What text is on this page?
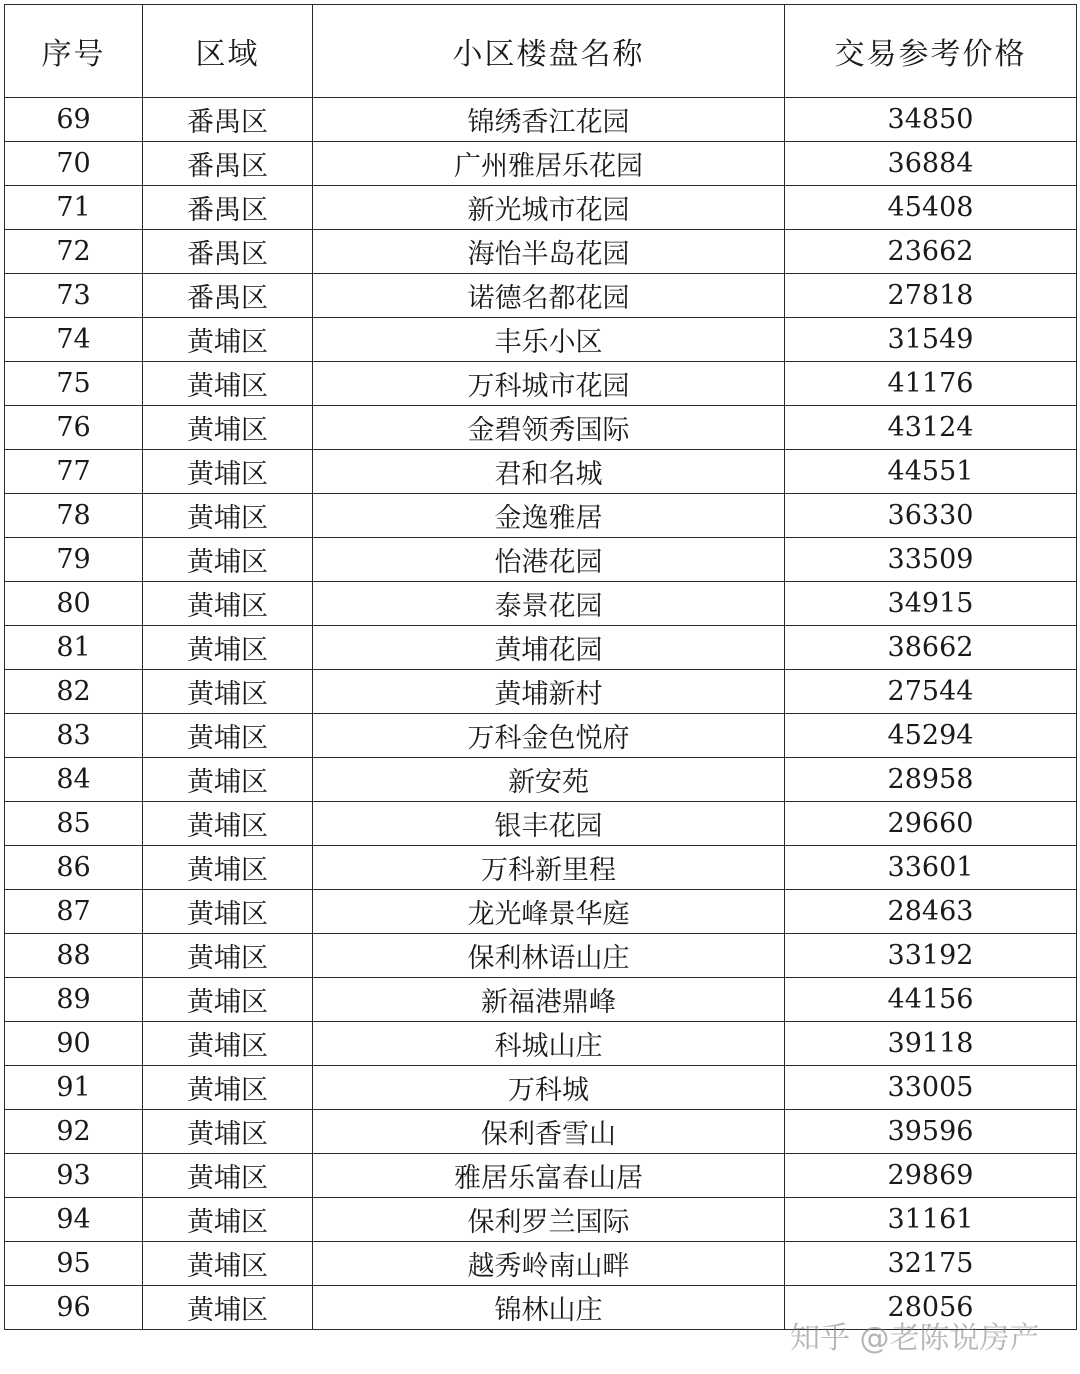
序号	区域	小区楼盘名称	交易参考价格
69	番禺区	锦绣香江花园	34850
70	番禺区	广州雅居乐花园	36884
71	番禺区	新光城市花园	45408
72	番禺区	海怡半岛花园	23662
73	番禺区	诺德名都花园	27818
74	黄埔区	丰乐小区	31549
75	黄埔区	万科城市花园	41176
76	黄埔区	金碧领秀国际	43124
77	黄埔区	君和名城	44551
78	黄埔区	金逸雅居	36330
79	黄埔区	怡港花园	33509
80	黄埔区	泰景花园	34915
81	黄埔区	黄埔花园	38662
82	黄埔区	黄埔新村	27544
83	黄埔区	万科金色悦府	45294
84	黄埔区	新安苑	28958
85	黄埔区	银丰花园	29660
86	黄埔区	万科新里程	33601
87	黄埔区	龙光峰景华庭	28463
88	黄埔区	保利林语山庄	33192
89	黄埔区	新福港鼎峰	44156
90	黄埔区	科城山庄	39118
91	黄埔区	万科城	33005
92	黄埔区	保利香雪山	39596
93	黄埔区	雅居乐富春山居	29869
94	黄埔区	保利罗兰国际	31161
95	黄埔区	越秀岭南山畔	32175
96	黄埔区	锦林山庄	28056
知乎 @老陈说房产
